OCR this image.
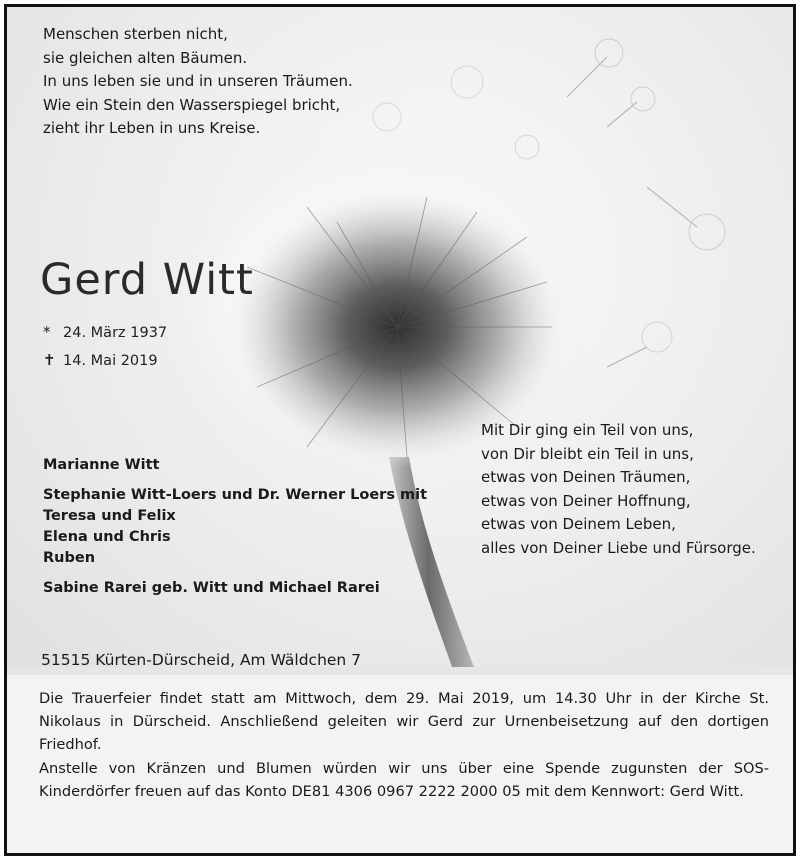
Menschen sterben nicht,
sie gleichen alten Bäumen.
In uns leben sie und in unseren Träumen.
Wie ein Stein den Wasserspiegel bricht,
zieht ihr Leben in uns Kreise.
Gerd Witt
* 24. März 1937
✝ 14. Mai 2019
Mit Dir ging ein Teil von uns,
von Dir bleibt ein Teil in uns,
etwas von Deinen Träumen,
etwas von Deiner Hoffnung,
etwas von Deinem Leben,
alles von Deiner Liebe und Fürsorge.
Marianne Witt
Stephanie Witt-Loers und Dr. Werner Loers mit
Teresa und Felix
Elena und Chris
Ruben
Sabine Rarei geb. Witt und Michael Rarei
51515 Kürten-Dürscheid, Am Wäldchen 7

Die Trauerfeier findet statt am Mittwoch, dem 29. Mai 2019, um 14.30 Uhr in der Kirche St. Nikolaus in Dürscheid. Anschließend geleiten wir Gerd zur Urnenbeisetzung auf den dortigen Friedhof.

Anstelle von Kränzen und Blumen würden wir uns über eine Spende zugunsten der SOS-Kinderdörfer freuen auf das Konto DE81 4306 0967 2222 2000 05 mit dem Kennwort: Gerd Witt.
